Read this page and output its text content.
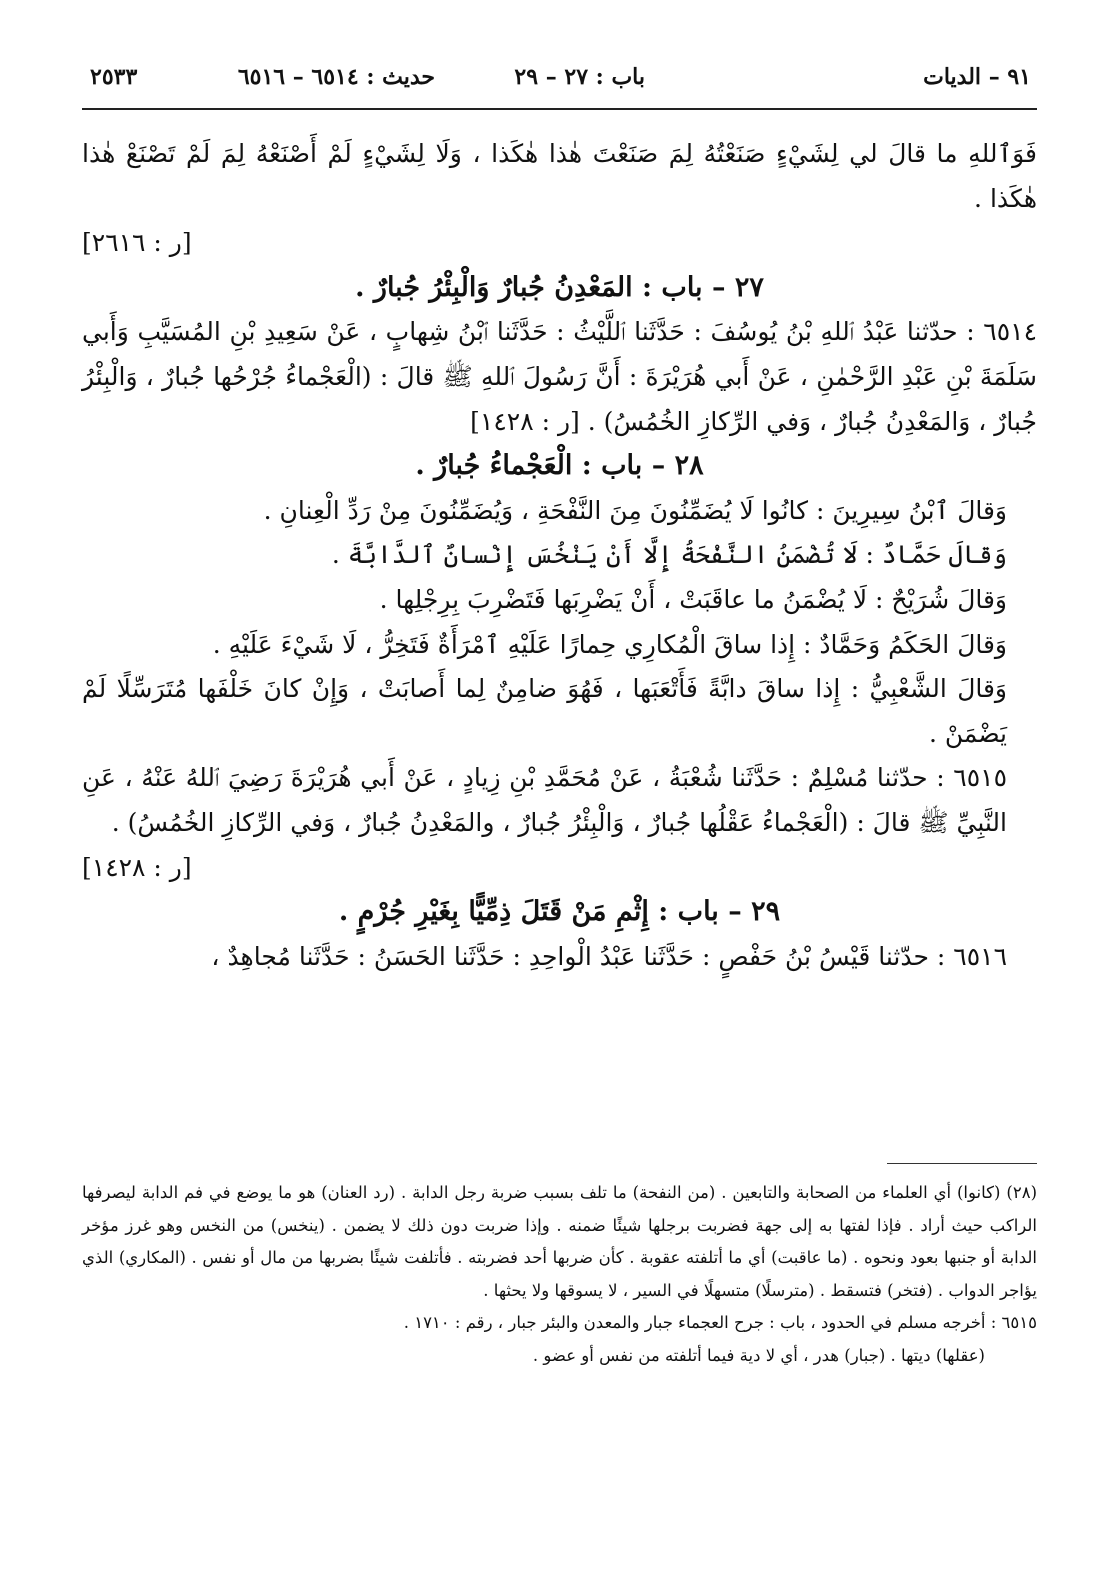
٩١ – الديات
باب : ٢٧ – ٢٩
حديث : ٦٥١٤ – ٦٥١٦
٢٥٣٣

فَوَٱللهِ ما قالَ لي لِشَيْءٍ صَنَعْتُهُ لِمَ صَنَعْتَ هٰذا هٰكَذا ، وَلَا لِشَيْءٍ لَمْ أَصْنَعْهُ لِمَ لَمْ تَصْنَعْ هٰذا هٰكَذا .

[ر : ٢٦١٦]

٢٧ – باب : المَعْدِنُ جُبارٌ وَالْبِئْرُ جُبارٌ .

٦٥١٤ : حدّثنا عَبْدُ ٱللهِ بْنُ يُوسُفَ : حَدَّثَنا ٱللَّيْثُ : حَدَّثَنا ٱبْنُ شِهابٍ ، عَنْ سَعِيدِ بْنِ المُسَيَّبِ وَأَبي سَلَمَةَ بْنِ عَبْدِ الرَّحْمٰنِ ، عَنْ أَبي هُرَيْرَةَ : أَنَّ رَسُولَ ٱللهِ ﷺ قالَ : (الْعَجْماءُ جُرْحُها جُبارٌ ، وَالْبِئْرُ جُبارٌ ، وَالمَعْدِنُ جُبارٌ ، وَفي الرِّكازِ الخُمُسُ) . [ر : ١٤٢٨]

٢٨ – باب : الْعَجْماءُ جُبارٌ .

وَقالَ ٱبْنُ سِيرِينَ : كانُوا لَا يُضَمِّنُونَ مِنَ النَّفْحَةِ ، وَيُضَمِّنُونَ مِنْ رَدِّ الْعِنانِ .

وَقالَ حَمَّادٌ : لَا تُضْمَنُ النَّفْحَةُ إِلَّا أَنْ يَنْخُسَ إِنْسانٌ ٱلدَّابَّةَ .

وَقالَ شُرَيْحٌ : لَا يُضْمَنُ ما عاقَبَتْ ، أَنْ يَضْرِبَها فَتَضْرِبَ بِرِجْلِها .

وَقالَ الحَكَمُ وَحَمَّادٌ : إِذا ساقَ الْمُكارِي حِمارًا عَلَيْهِ ٱمْرَأَةٌ فَتَخِرُّ ، لَا شَيْءَ عَلَيْهِ .

وَقالَ الشَّعْبِيُّ : إِذا ساقَ دابَّةً فَأَتْعَبَها ، فَهُوَ ضامِنٌ لِما أَصابَتْ ، وَإِنْ كانَ خَلْفَها مُتَرَسِّلًا لَمْ يَضْمَنْ .

٦٥١٥ : حدّثنا مُسْلِمٌ : حَدَّثَنا شُعْبَةُ ، عَنْ مُحَمَّدِ بْنِ زِيادٍ ، عَنْ أَبي هُرَيْرَةَ رَضِيَ ٱللهُ عَنْهُ ، عَنِ النَّبِيِّ ﷺ قالَ : (الْعَجْماءُ عَقْلُها جُبارٌ ، وَالْبِئْرُ جُبارٌ ، والمَعْدِنُ جُبارٌ ، وَفي الرِّكازِ الخُمُسُ) .

[ر : ١٤٢٨]

٢٩ – باب : إِثْمِ مَنْ قَتَلَ ذِمِّيًّا بِغَيْرِ جُرْمٍ .

٦٥١٦ : حدّثنا قَيْسُ بْنُ حَفْصٍ : حَدَّثَنا عَبْدُ الْواحِدِ : حَدَّثَنا الحَسَنُ : حَدَّثَنا مُجاهِدٌ ،

(٢٨) (كانوا) أي العلماء من الصحابة والتابعين . (من النفحة) ما تلف بسبب ضربة رجل الدابة . (رد العنان) هو ما يوضع في فم الدابة ليصرفها الراكب حيث أراد . فإذا لفتها به إلى جهة فضربت برجلها شيئًا ضمنه . وإذا ضربت دون ذلك لا يضمن . (ينخس) من النخس وهو غرز مؤخر الدابة أو جنبها بعود ونحوه . (ما عاقبت) أي ما أتلفته عقوبة . كأن ضربها أحد فضربته . فأتلفت شيئًا بضربها من مال أو نفس . (المكاري) الذي يؤاجر الدواب . (فتخر) فتسقط . (مترسلًا) متسهلًا في السير ، لا يسوقها ولا يحثها .

٦٥١٥ : أخرجه مسلم في الحدود ، باب : جرح العجماء جبار والمعدن والبئر جبار ، رقم : ١٧١٠ .

(عقلها) ديتها . (جبار) هدر ، أي لا دية فيما أتلفته من نفس أو عضو .
